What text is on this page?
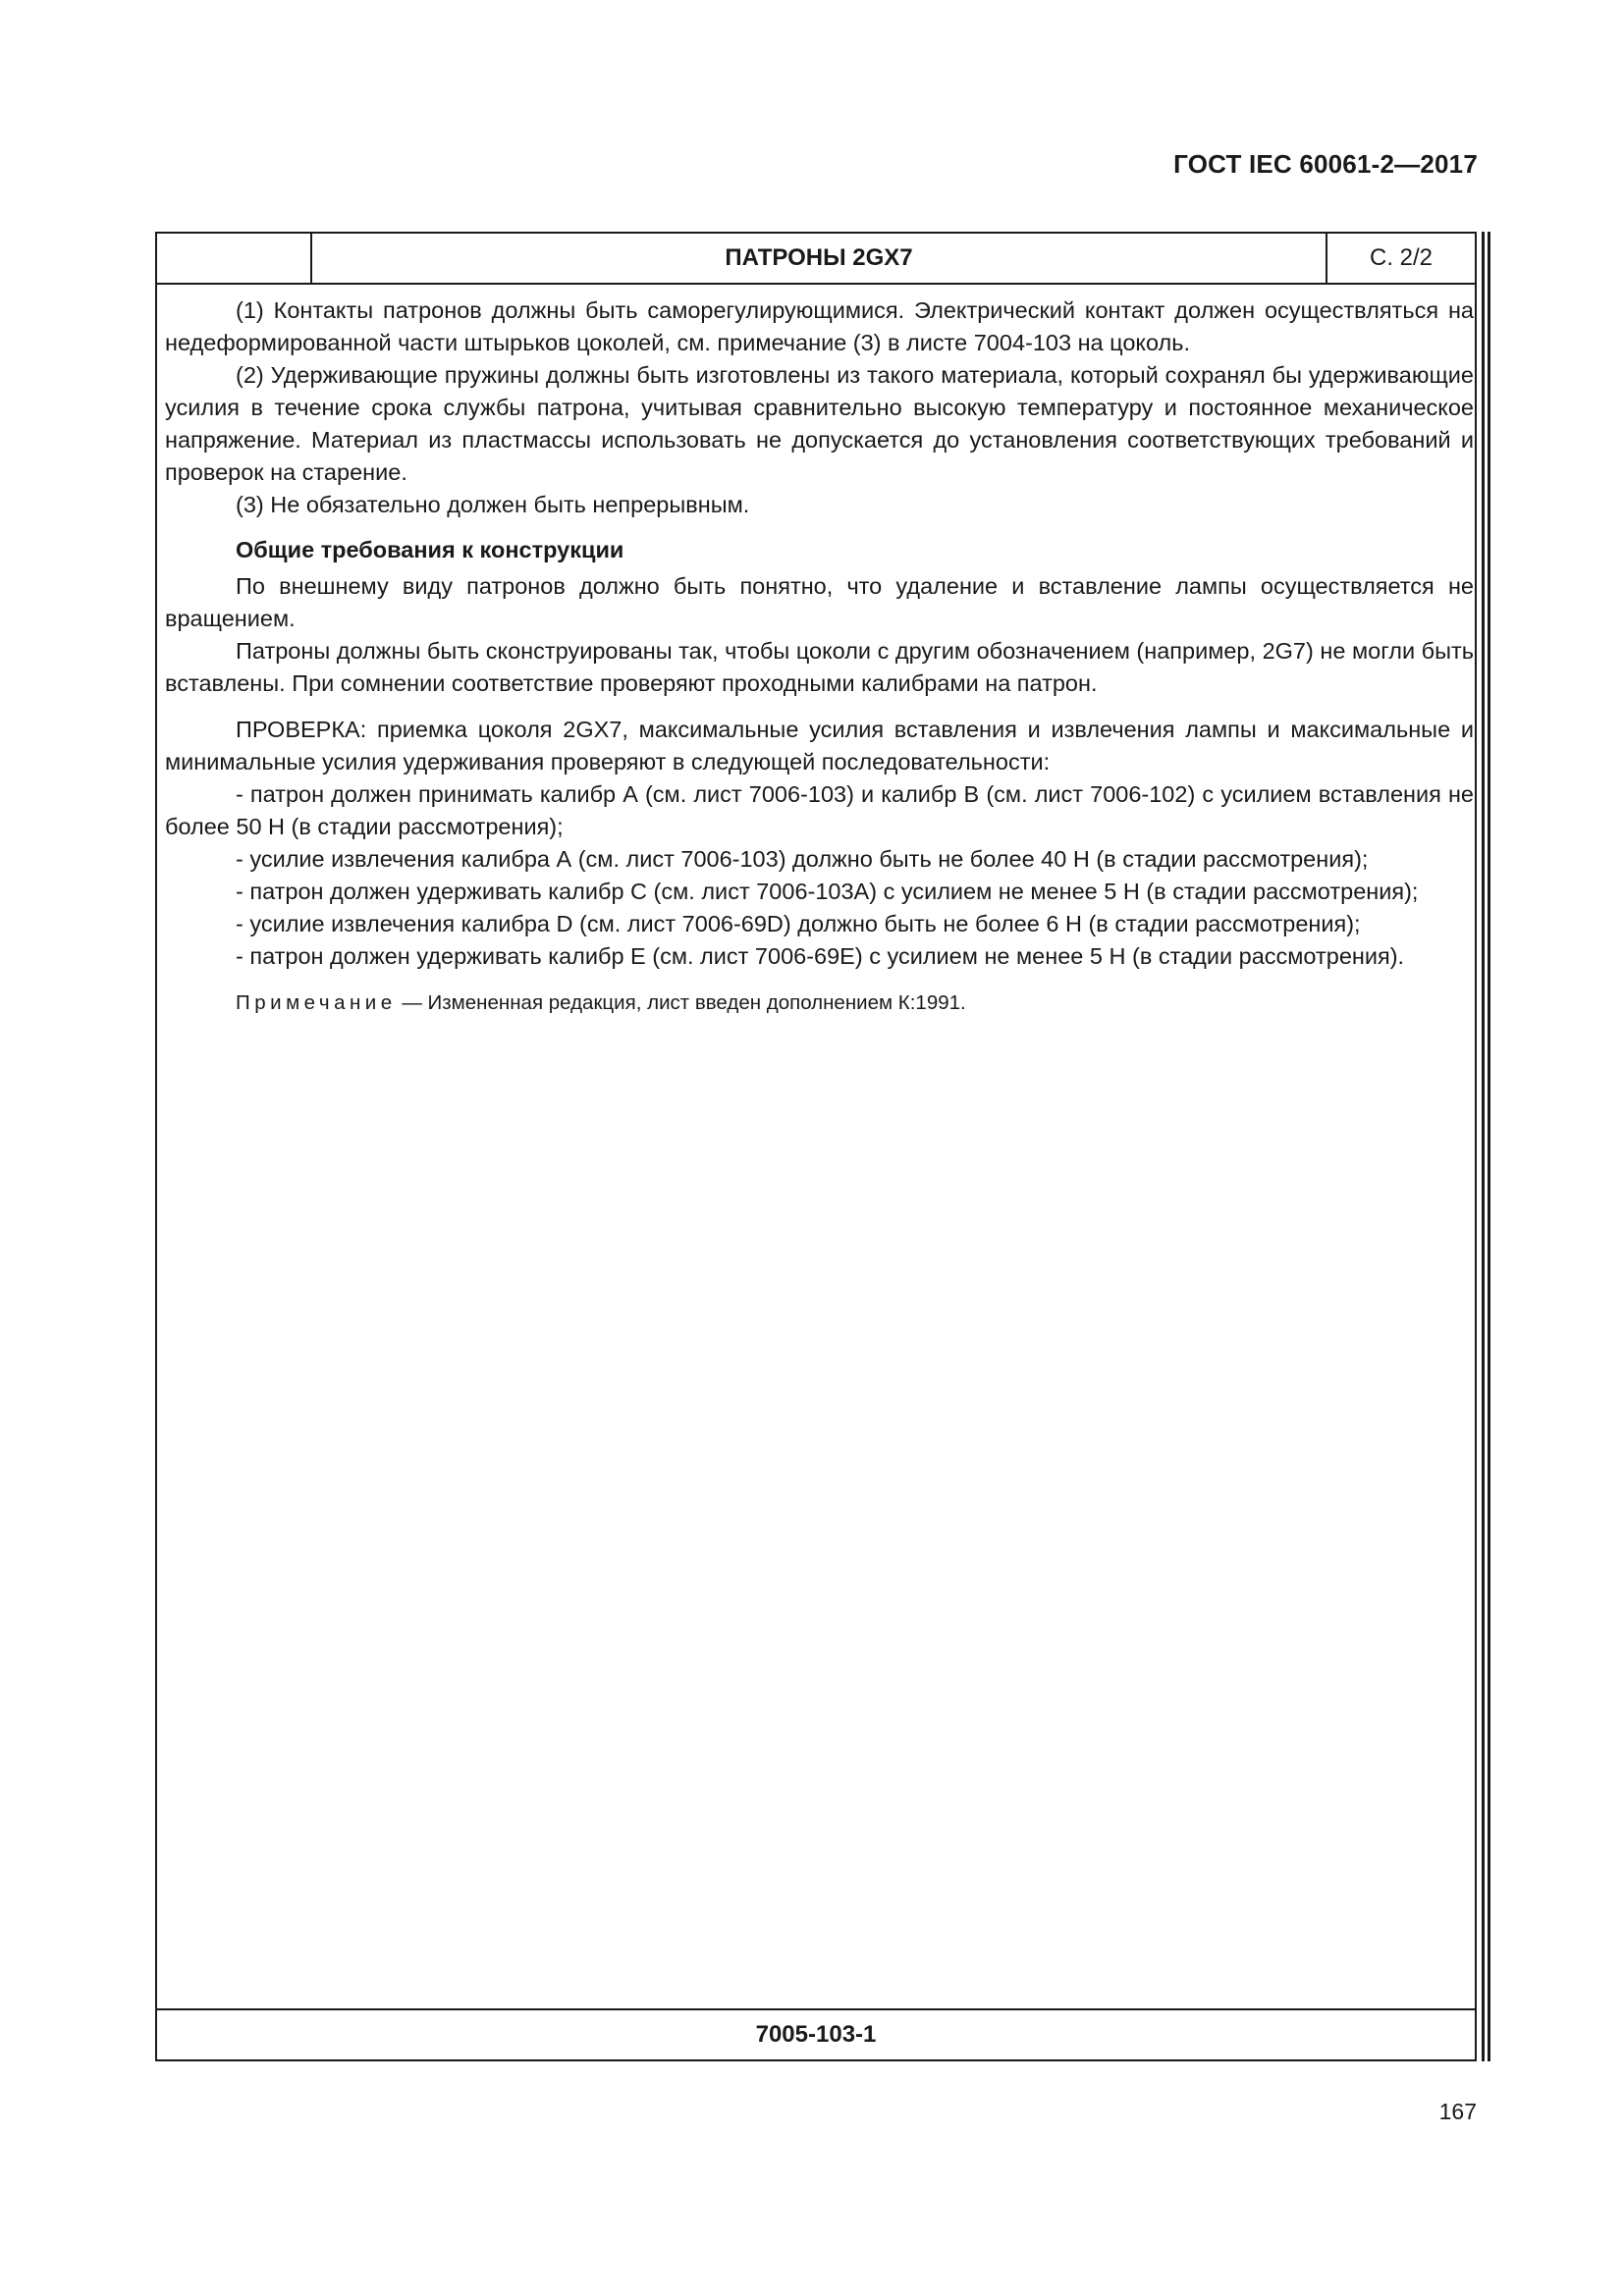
ГОСТ IEC 60061-2—2017
ПАТРОНЫ 2GX7	С. 2/2

(1) Контакты патронов должны быть саморегулирующимися. Электрический контакт должен осуществляться на недеформированной части штырьков цоколей, см. примечание (3) в листе 7004-103 на цоколь.

(2) Удерживающие пружины должны быть изготовлены из такого материала, который сохранял бы удерживающие усилия в течение срока службы патрона, учитывая сравнительно высокую температуру и постоянное механическое напряжение. Материал из пластмассы использовать не допускается до установления соответствующих требований и проверок на старение.

(3) Не обязательно должен быть непрерывным.

Общие требования к конструкции

По внешнему виду патронов должно быть понятно, что удаление и вставление лампы осуществляется не вращением.

Патроны должны быть сконструированы так, чтобы цоколи с другим обозначением (например, 2G7) не могли быть вставлены. При сомнении соответствие проверяют проходными калибрами на патрон.

ПРОВЕРКА: приемка цоколя 2GX7, максимальные усилия вставления и извлечения лампы и максимальные и минимальные усилия удерживания проверяют в следующей последовательности:

- патрон должен принимать калибр А (см. лист 7006-103) и калибр В (см. лист 7006-102) с усилием вставления не более 50 Н (в стадии рассмотрения);

- усилие извлечения калибра А (см. лист 7006-103) должно быть не более 40 Н (в стадии рассмотрения);

- патрон должен удерживать калибр С (см. лист 7006-103А) с усилием не менее 5 Н (в стадии рассмотрения);

- усилие извлечения калибра D (см. лист 7006-69D) должно быть не более 6 Н (в стадии рассмотрения);

- патрон должен удерживать калибр Е (см. лист 7006-69Е) с усилием не менее 5 Н (в стадии рассмотрения).

Примечание — Измененная редакция, лист введен дополнением К:1991.

7005-103-1
167
